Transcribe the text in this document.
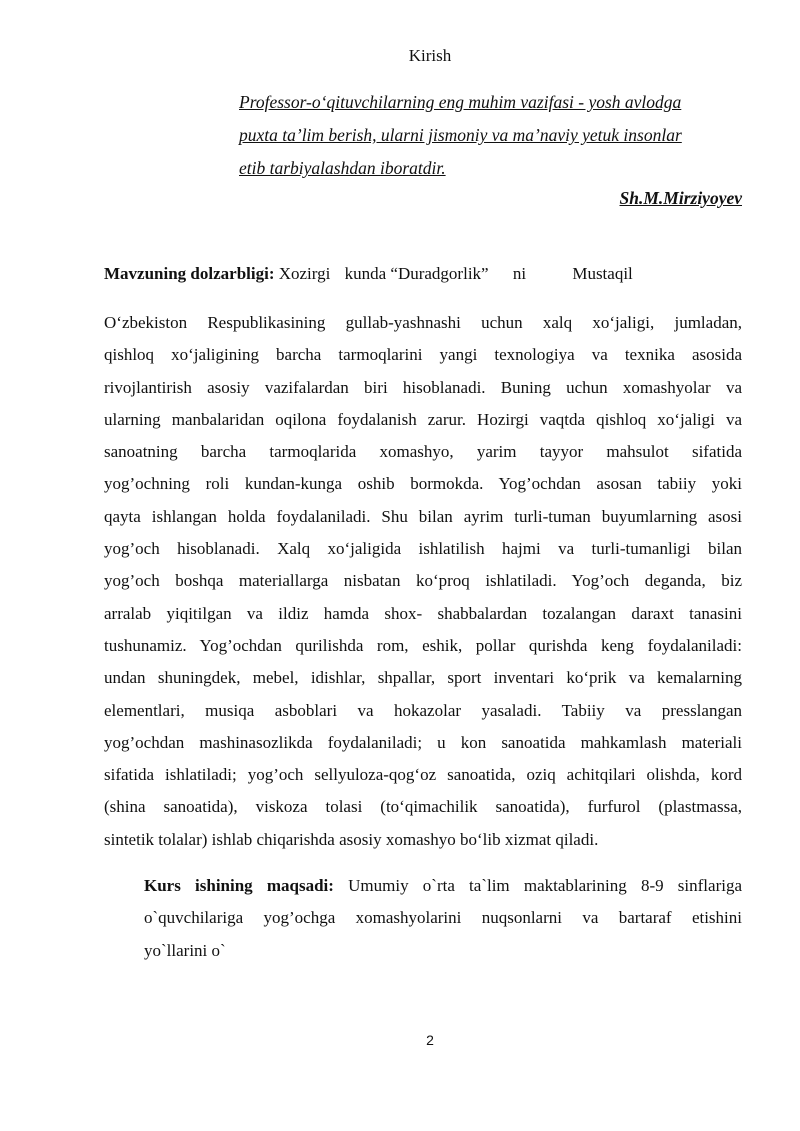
Kirish
Professor-o‘qituvchilarning eng muhim vazifasi - yosh avlodga
puxta ta’lim berish, ularni jismoniy va ma’naviy yetuk insonlar
etib tarbiyalashdan iboratdir.
Sh.M.Mirziyoyev
Mavzuning dolzarbligi: Xozirgi kunda “Duradgorlik” ni	Mustaqil
O‘zbekiston Respublikasining gullab-yashnashi uchun xalq xo‘jaligi, jumladan,
qishloq xo‘jaligining barcha tarmoqlarini yangi texnologiya va texnika asosida
rivojlantirish asosiy vazifalardan biri hisoblanadi. Buning uchun xomashyolar va
ularning manbalaridan oqilona foydalanish zarur. Hozirgi vaqtda qishloq xo‘jaligi va
sanoatning barcha tarmoqlarida xomashyo, yarim tayyor mahsulot sifatida
yog’ochning roli kundan-kunga oshib bormokda. Yog’ochdan asosan tabiiy yoki
qayta ishlangan holda foydalaniladi. Shu bilan ayrim turli-tuman buyumlarning asosi
yog’och hisoblanadi. Xalq xo‘jaligida ishlatilish hajmi va turli-tumanligi bilan
yog’och boshqa materiallarga nisbatan ko‘proq ishlatiladi. Yog’och deganda, biz
arralab yiqitilgan va ildiz hamda shox- shabbalardan tozalangan daraxt tanasini
tushunamiz. Yog’ochdan qurilishda rom, eshik, pollar qurishda keng foydalaniladi:
undan shuningdek, mebel, idishlar, shpallar, sport inventari ko‘prik va kemalarning
elementlari, musiqa asboblari va hokazolar yasaladi. Tabiiy va presslangan
yog’ochdan mashinasozlikda foydalaniladi; u kon sanoatida mahkamlash materiali
sifatida ishlatiladi; yog’och sellyuloza-qog‘oz sanoatida, oziq achitqilari olishda, kord
(shina sanoatida), viskoza tolasi (to‘qimachilik sanoatida), furfurol (plastmassa,
sintetik tolalar) ishlab chiqarishda asosiy xomashyo bo‘lib xizmat qiladi.
Kurs ishining maqsadi: Umumiy o`rta ta`lim maktablarining 8-9 sinflariga
o`quvchilariga yog’ochga xomashyolarini nuqsonlarni va bartaraf etishini
yo`llarini o`
2
